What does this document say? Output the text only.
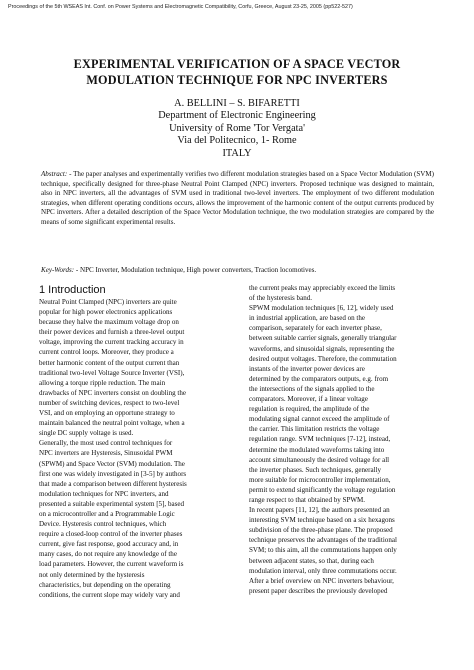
Proceedings of the 5th WSEAS Int. Conf. on Power Systems and Electromagnetic Compatibility, Corfu, Greece, August 23-25, 2005 (pp522-527)
EXPERIMENTAL VERIFICATION OF A SPACE VECTOR
MODULATION TECHNIQUE FOR NPC INVERTERS
A. BELLINI – S. BIFARETTI
Department of Electronic Engineering
University of Rome 'Tor Vergata'
Via del Politecnico, 1- Rome
ITALY
Abstract: - The paper analyses and experimentally verifies two different modulation strategies based on a Space Vector Modulation (SVM) technique, specifically designed for three-phase Neutral Point Clamped (NPC) inverters. Proposed technique was designed to maintain, also in NPC inverters, all the advantages of SVM used in traditional two-level inverters. The employment of two different modulation strategies, when different operating conditions occurs, allows the improvement of the harmonic content of the output currents produced by NPC inverters. After a detailed description of the Space Vector Modulation technique, the two modulation strategies are compared by the means of some significant experimental results.
Key-Words: - NPC Inverter, Modulation technique, High power converters, Traction locomotives.
1 Introduction
Neutral Point Clamped (NPC) inverters are quite
popular for high power electronics applications
because they halve the maximum voltage drop on
their power devices and furnish a three-level output
voltage, improving the current tracking accuracy in
current control loops. Moreover, they produce a
better harmonic content of the output current than
traditional two-level Voltage Source Inverter (VSI),
allowing a torque ripple reduction. The main
drawbacks of NPC inverters consist on doubling the
number of switching devices, respect to two-level
VSI, and on employing an opportune strategy to
maintain balanced the neutral point voltage, when a
single DC supply voltage is used.
Generally, the most used control techniques for
NPC inverters are Hysteresis, Sinusoidal PWM
(SPWM) and Space Vector (SVM) modulation. The
first one was widely investigated in [3-5] by authors
that made a comparison between different hysteresis
modulation techniques for NPC inverters, and
presented a suitable experimental system [5], based
on a microcontroller and a Programmable Logic
Device. Hysteresis control techniques, which
require a closed-loop control of the inverter phases
current, give fast response, good accuracy and, in
many cases, do not require any knowledge of the
load parameters. However, the current waveform is
not only determined by the hysteresis
characteristics, but depending on the operating
conditions, the current slope may widely vary and
the current peaks may appreciably exceed the limits
of the hysteresis band.
SPWM modulation techniques [6, 12], widely used
in industrial application, are based on the
comparison, separately for each inverter phase,
between suitable carrier signals, generally triangular
waveforms, and sinusoidal signals, representing the
desired output voltages. Therefore, the commutation
instants of the inverter power devices are
determined by the comparators outputs, e.g. from
the intersections of the signals applied to the
comparators. Moreover, if a linear voltage
regulation is required, the amplitude of the
modulating signal cannot exceed the amplitude of
the carrier. This limitation restricts the voltage
regulation range. SVM techniques [7-12], instead,
determine the modulated waveforms taking into
account simultaneously the desired voltage for all
the inverter phases. Such techniques, generally
more suitable for microcontroller implementation,
permit to extend significantly the voltage regulation
range respect to that obtained by SPWM.
In recent papers [11, 12], the authors presented an
interesting SVM technique based on a six hexagons
subdivision of the three-phase plane. The proposed
technique preserves the advantages of the traditional
SVM; to this aim, all the commutations happen only
between adjacent states, so that, during each
modulation interval, only three commutations occur.
After a brief overview on NPC inverters behaviour,
present paper describes the previously developed
